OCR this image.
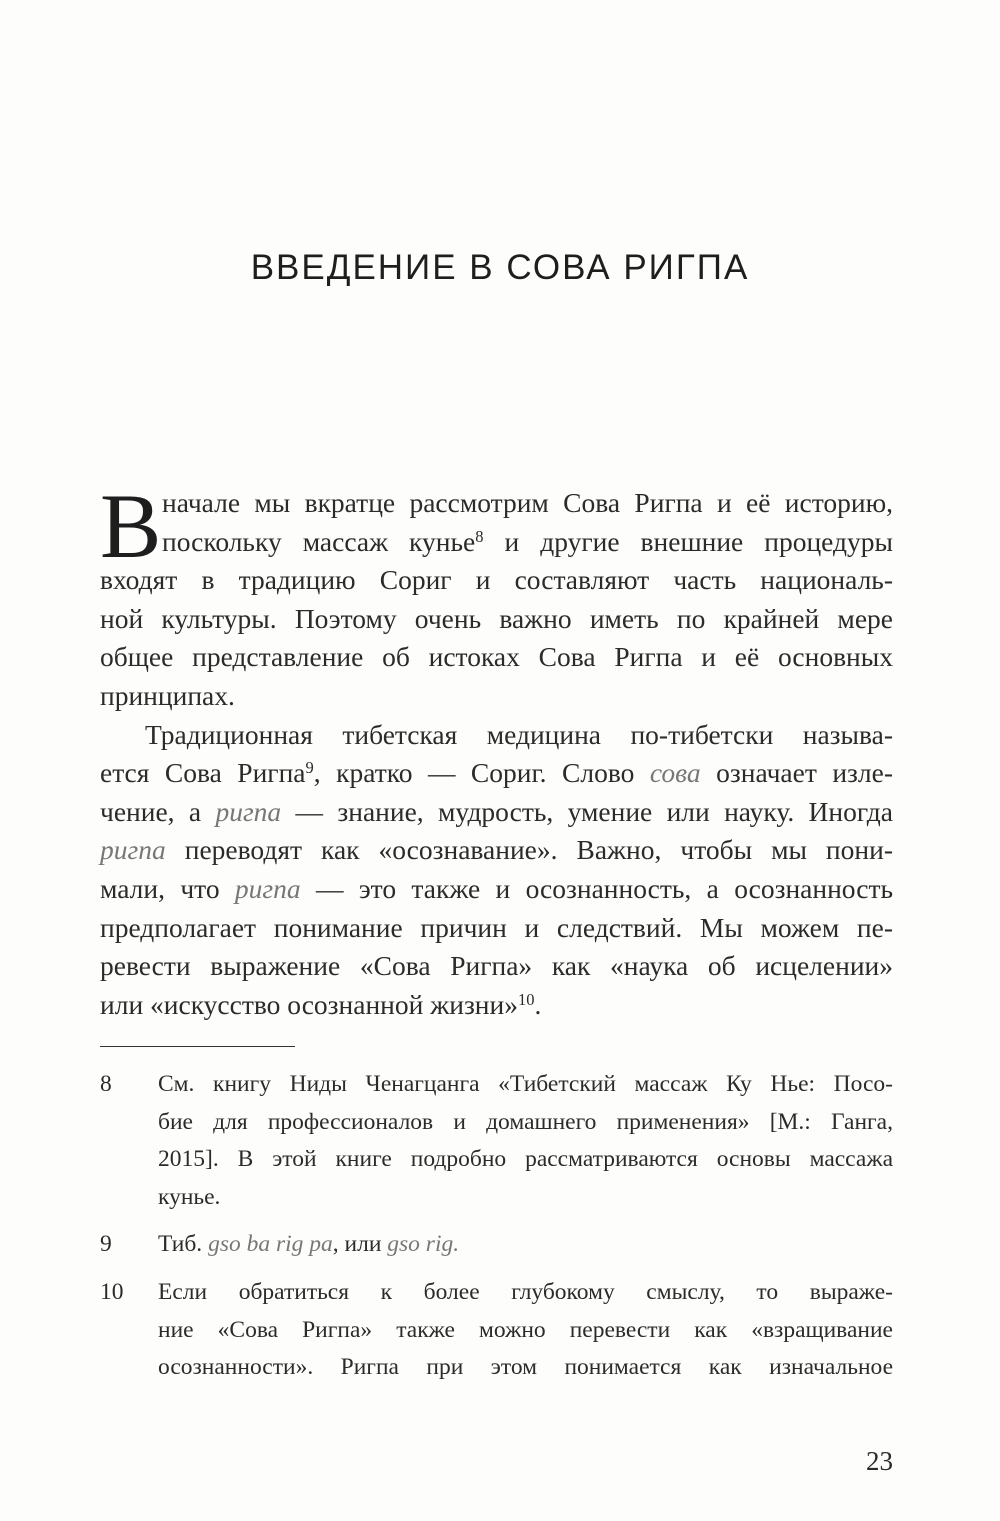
ВВЕДЕНИЕ В СОВА РИГПА
В начале мы вкратце рассмотрим Сова Ригпа и её историю,
поскольку массаж кунье$^8$ и другие внешние процедуры
входят в традицию Сориг и составляют часть националь-
ной культуры. Поэтому очень важно иметь по крайней мере
общее представление об истоках Сова Ригпа и её основных
принципах.
Традиционная тибетская медицина по-тибетски называ-
ется Сова Ригпа$^9$, кратко — Сориг. Слово сова означает изле-
чение, а ригпа — знание, мудрость, умение или науку. Иногда
ригпа переводят как «осознавание». Важно, чтобы мы пони-
мали, что ригпа — это также и осознанность, а осознанность
предполагает понимание причин и следствий. Мы можем пе-
ревести выражение «Сова Ригпа» как «наука об исцелении»
или «искусство осознанной жизни»$^{10}$.
8 См. книгу Ниды Ченагцанга «Тибетский массаж Ку Нье: Посо-
бие для профессионалов и домашнего применения» [М.: Ганга,
2015]. В этой книге подробно рассматриваются основы массажа
кунье.
9 Тиб. gso ba rig pa, или gso rig.
10 Если обратиться к более глубокому смыслу, то выраже-
ние «Сова Ригпа» также можно перевести как «взращивание
осознанности». Ригпа при этом понимается как изначальное
23
